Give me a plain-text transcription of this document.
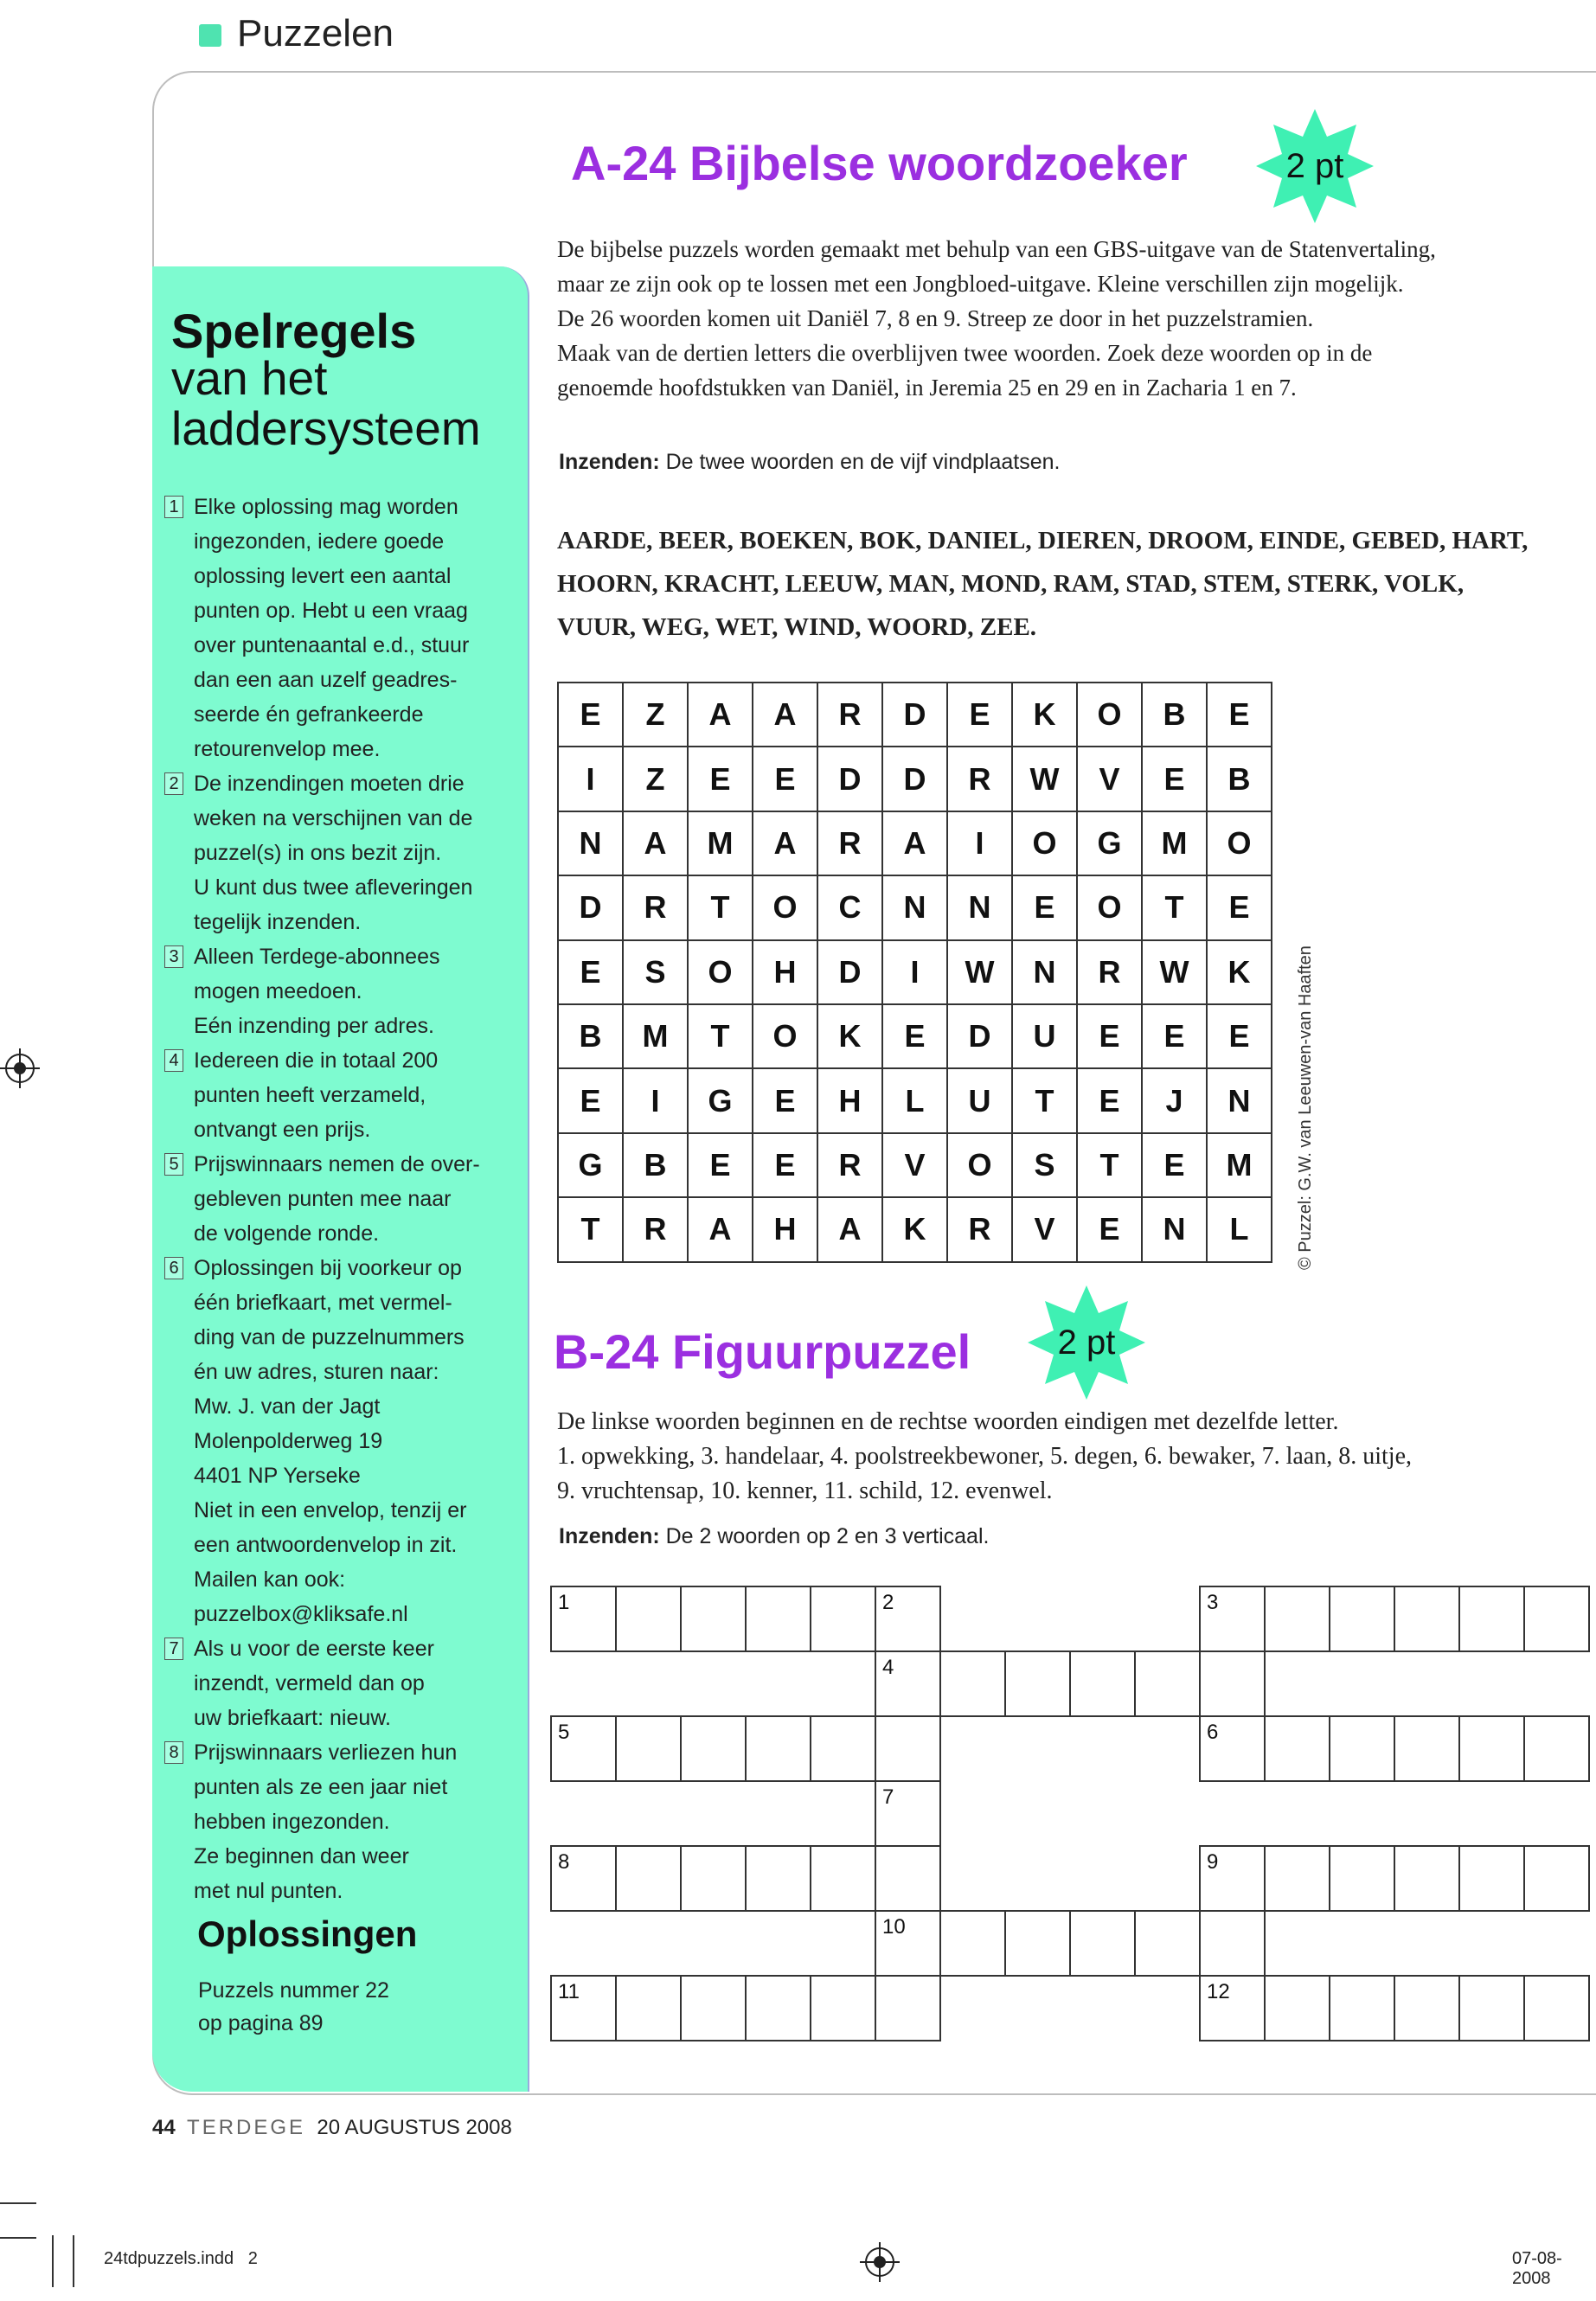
Puzzelen
Spelregels
van het
laddersysteem
1 Elke oplossing mag worden
ingezonden, iedere goede
oplossing levert een aantal
punten op. Hebt u een vraag
over puntenaantal e.d., stuur
dan een aan uzelf geadres-
seerde én gefrankeerde
retourenvelop mee.
2 De inzendingen moeten drie
weken na verschijnen van de
puzzel(s) in ons bezit zijn.
U kunt dus twee afleveringen
tegelijk inzenden.
3 Alleen Terdege-abonnees
mogen meedoen.
Eén inzending per adres.
4 Iedereen die in totaal 200
punten heeft verzameld,
ontvangt een prijs.
5 Prijswinnaars nemen de over-
gebleven punten mee naar
de volgende ronde.
6 Oplossingen bij voorkeur op
één briefkaart, met vermel-
ding van de puzzelnummers
én uw adres, sturen naar:
Mw. J. van der Jagt
Molenpolderweg 19
4401 NP Yerseke
Niet in een envelop, tenzij er
een antwoordenvelop in zit.
Mailen kan ook:
puzzelbox@kliksafe.nl
7 Als u voor de eerste keer
inzendt, vermeld dan op
uw briefkaart: nieuw.
8 Prijswinnaars verliezen hun
punten als ze een jaar niet
hebben ingezonden.
Ze beginnen dan weer
met nul punten.
Oplossingen
Puzzels nummer 22
op pagina 89
A-24 Bijbelse woordzoeker	2 pt
De bijbelse puzzels worden gemaakt met behulp van een GBS-uitgave van de Statenvertaling,
maar ze zijn ook op te lossen met een Jongbloed-uitgave. Kleine verschillen zijn mogelijk.
De 26 woorden komen uit Daniël 7, 8 en 9. Streep ze door in het puzzelstramien.
Maak van de dertien letters die overblijven twee woorden. Zoek deze woorden op in de
genoemde hoofdstukken van Daniël, in Jeremia 25 en 29 en in Zacharia 1 en 7.
Inzenden: De twee woorden en de vijf vindplaatsen.
AARDE, BEER, BOEKEN, BOK, DANIEL, DIEREN, DROOM, EINDE, GEBED, HART,
HOORN, KRACHT, LEEUW, MAN, MOND, RAM, STAD, STEM, STERK, VOLK,
VUUR, WEG, WET, WIND, WOORD, ZEE.
E	Z	A	A	R	D	E	K	O	B	E
I	Z	E	E	D	D	R	W	V	E	B
N	A	M	A	R	A	I	O	G	M	O
D	R	T	O	C	N	N	E	O	T	E
E	S	O	H	D	I	W	N	R	W	K
B	M	T	O	K	E	D	U	E	E	E
E	I	G	E	H	L	U	T	E	J	N
G	B	E	E	R	V	O	S	T	E	M
T	R	A	H	A	K	R	V	E	N	L	© Puzzel: G.W. van Leeuwen-van Haaften
B-24 Figuurpuzzel	2 pt
De linkse woorden beginnen en de rechtse woorden eindigen met dezelfde letter.
1. opwekking, 3. handelaar, 4. poolstreekbewoner, 5. degen, 6. bewaker, 7. laan, 8. uitje,
9. vruchtensap, 10. kenner, 11. schild, 12. evenwel.
Inzenden: De 2 woorden op 2 en 3 verticaal.
1	2	3
4
5	6
7
8	9
10
11	12
44 TERDEGE 20 AUGUSTUS 2008
24tdpuzzels.indd   2	07-08-2008
